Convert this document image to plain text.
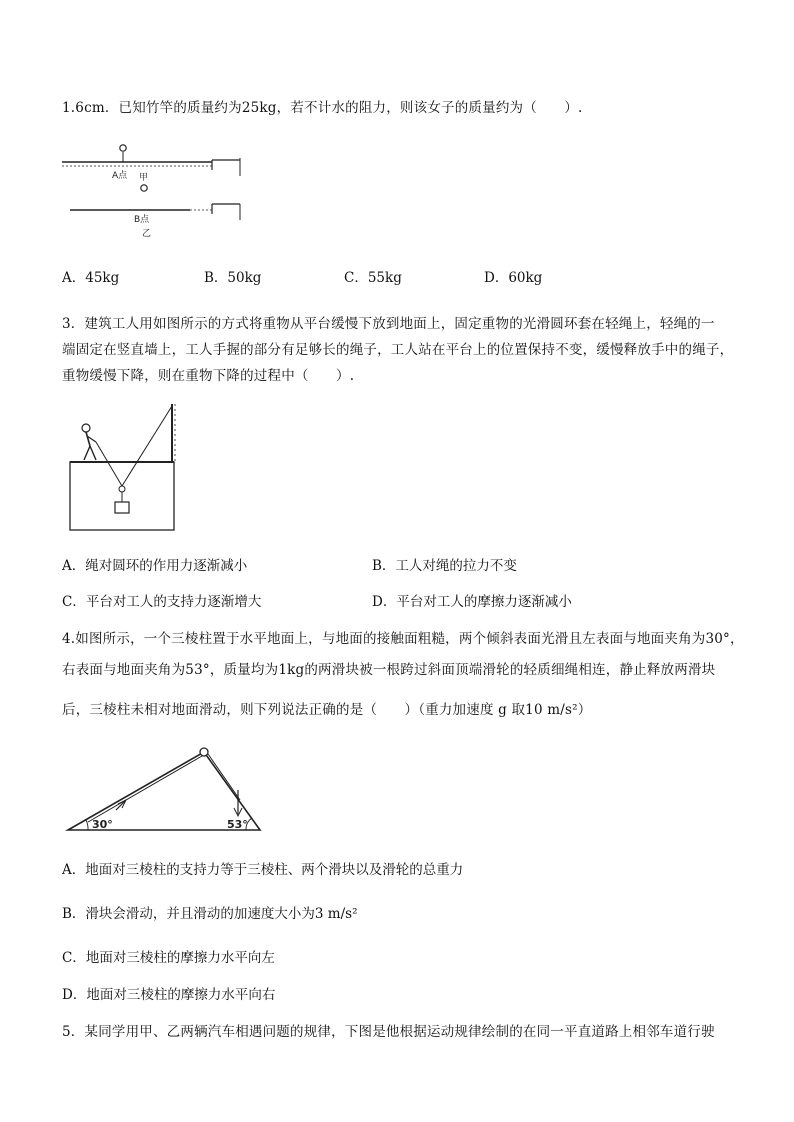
1.6cm．已知竹竿的质量约为25kg，若不计水的阻力，则该女子的质量约为（　　）.
A点 甲
B点
乙
A．45kg	B．50kg	C．55kg	D．60kg
3．建筑工人用如图所示的方式将重物从平台缓慢下放到地面上，固定重物的光滑圆环套在轻绳上，轻绳的一
端固定在竖直墙上，工人手握的部分有足够长的绳子，工人站在平台上的位置保持不变，缓慢释放手中的绳子，
重物缓慢下降，则在重物下降的过程中（　　）.
A．绳对圆环的作用力逐渐减小	B．工人对绳的拉力不变
C．平台对工人的支持力逐渐增大	D．平台对工人的摩擦力逐渐减小
4.如图所示，一个三棱柱置于水平地面上，与地面的接触面粗糙，两个倾斜表面光滑且左表面与地面夹角为30°，
右表面与地面夹角为53°，质量均为1kg的两滑块被一根跨过斜面顶端滑轮的轻质细绳相连，静止释放两滑块
后，三棱柱未相对地面滑动，则下列说法正确的是（　　）（重力加速度 g 取10 m/s²）
30°	53°
A．地面对三棱柱的支持力等于三棱柱、两个滑块以及滑轮的总重力
B．滑块会滑动，并且滑动的加速度大小为3 m/s²
C．地面对三棱柱的摩擦力水平向左
D．地面对三棱柱的摩擦力水平向右
5．某同学用甲、乙两辆汽车相遇问题的规律，下图是他根据运动规律绘制的在同一平直道路上相邻车道行驶
